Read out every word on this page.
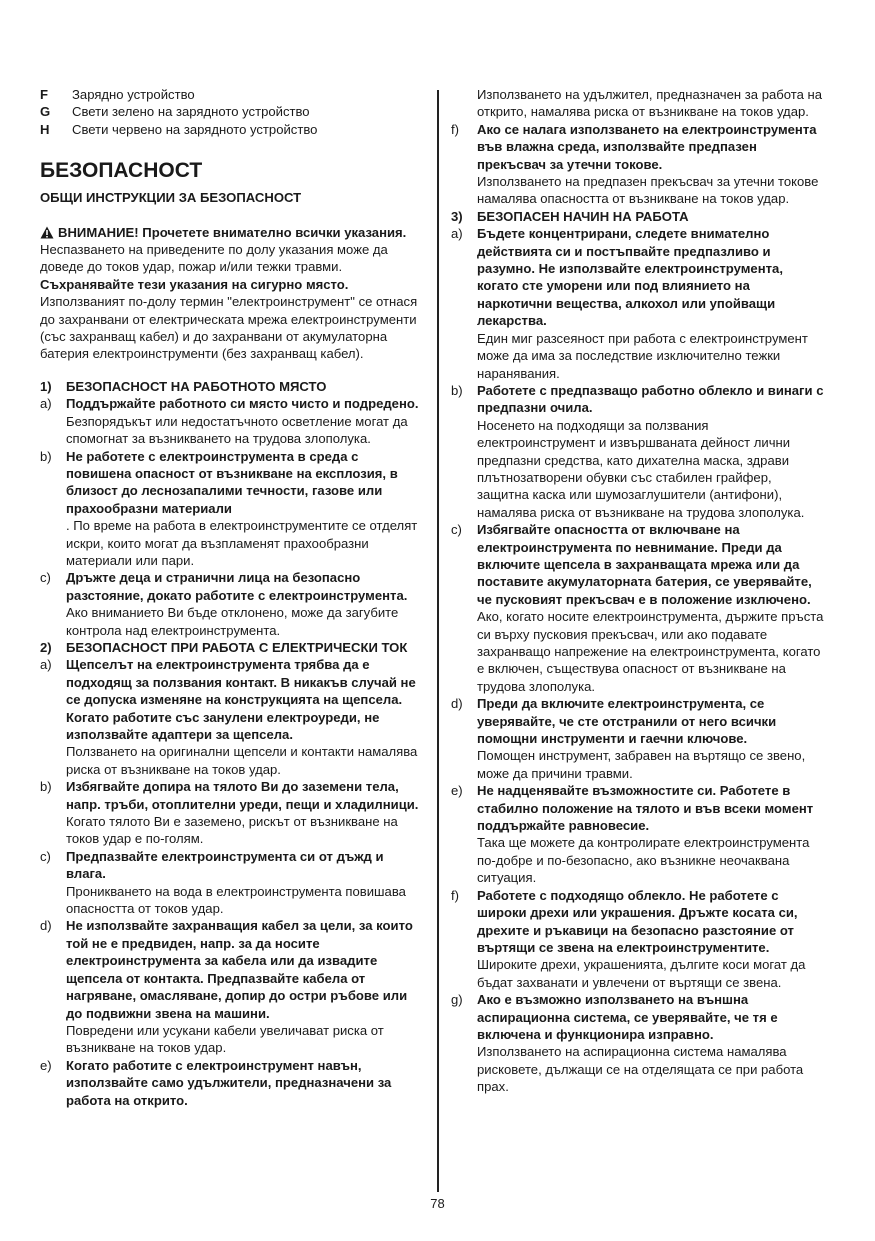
F	Зарядно устройство
G	Свети зелено на зарядното устройство
H	Свети червено на зарядното устройство
БЕЗОПАСНОСТ
ОБЩИ ИНСТРУКЦИИ ЗА БЕЗОПАСНОСТ
ВНИМАНИЕ! Прочетете внимателно всички указания. Неспазването на приведените по долу указания може да доведе до токов удар, пожар и/или тежки травми. Съхранявайте тези указания на сигурно място. Използваният по-долу термин "електроинструмент" се отнася до захранвани от електрическата мрежа електроинструменти (със захранващ кабел) и до захранвани от акумулаторна батерия електроинструменти (без захранващ кабел).
1)	БЕЗОПАСНОСТ НА РАБОТНОТО МЯСТО
a)	Поддържайте работното си място чисто и подредено.
Безпорядъкът или недостатъчното осветление могат да спомогнат за възникването на трудова злополука.
b)	Не работете с електроинструмента в среда с повишена опасност от възникване на експлозия, в близост до леснозапалими течности, газове или прахообразни материали
. По време на работа в електроинструментите се отделят искри, които могат да възпламенят прахообразни материали или пари.
c)	Дръжте деца и странични лица на безопасно разстояние, докато работите с електроинструмента.
Ако вниманието Ви бъде отклонено, може да загубите контрола над електроинструмента.
2)	БЕЗОПАСНОСТ ПРИ РАБОТА С ЕЛЕКТРИЧЕСКИ ТОК
a)	Щепселът на електроинструмента трябва да е подходящ за ползвания контакт. В никакъв случай не се допуска изменяне на конструкцията на щепсела. Когато работите със занулени електроуреди, не използвайте адаптери за щепсела.
Ползването на оригинални щепсели и контакти намалява риска от възникване на токов удар.
b)	Избягвайте допира на тялото Ви до заземени тела, напр. тръби, отоплителни уреди, пещи и хладилници.
Когато тялото Ви е заземено, рискът от възникване на токов удар е по-голям.
c)	Предпазвайте електроинструмента си от дъжд и влага.
Проникването на вода в електроинструмента повишава опасността от токов удар.
d)	Не използвайте захранващия кабел за цели, за които той не е предвиден, напр. за да носите електроинструмента за кабела или да извадите щепсела от контакта. Предпазвайте кабела от нагряване, омасляване, допир до остри ръбове или до подвижни звена на машини.
Повредени или усукани кабели увеличават риска от възникване на токов удар.
e)	Когато работите с електроинструмент навън, използвайте само удължители, предназначени за работа на открито.
Използването на удължител, предназначен за работа на открито, намалява риска от възникване на токов удар.
f)	Ако се налага използването на електроинструмента във влажна среда, използвайте предпазен прекъсвач за утечни токове.
Използването на предпазен прекъсвач за утечни токове намалява опасността от възникване на токов удар.
3)	БЕЗОПАСЕН НАЧИН НА РАБОТА
a)	Бъдете концентрирани, следете внимателно действията си и постъпвайте предпазливо и разумно. Не използвайте електроинструмента, когато сте уморени или под влиянието на наркотични вещества, алкохол или упойващи лекарства.
Един миг разсеяност при работа с електроинструмент може да има за последствие изключително тежки наранявания.
b)	Работете с предпазващо работно облекло и винаги с предпазни очила.
Носенето на подходящи за ползвания електроинструмент и извършваната дейност лични предпазни средства, като дихателна маска, здрави плътнозатворени обувки със стабилен грайфер, защитна каска или шумозаглушители (антифони), намалява риска от възникване на трудова злополука.
c)	Избягвайте опасността от включване на електроинструмента по невнимание. Преди да включите щепсела в захранващата мрежа или да поставите акумулаторната батерия, се уверявайте, че пусковият прекъсвач е в положение изключено.
Ако, когато носите електроинструмента, държите пръста си върху пусковия прекъсвач, или ако подавате захранващо напрежение на електроинструмента, когато е включен, съществува опасност от възникване на трудова злополука.
d)	Преди да включите електроинструмента, се уверявайте, че сте отстранили от него всички помощни инструменти и гаечни ключове.
Помощен инструмент, забравен на въртящо се звено, може да причини травми.
e)	Не надценявайте възможностите си. Работете в стабилно положение на тялото и във всеки момент поддържайте равновесие.
Така ще можете да контролирате електроинструмента по-добре и по-безопасно, ако възникне неочаквана ситуация.
f)	Работете с подходящо облекло. Не работете с широки дрехи или украшения. Дръжте косата си, дрехите и ръкавици на безопасно разстояние от въртящи се звена на електроинструментите.
Широките дрехи, украшенията, дългите коси могат да бъдат захванати и увлечени от въртящи се звена.
g)	Ако е възможно използването на външна аспирационна система, се уверявайте, че тя е включена и функционира изправно.
Използването на аспирационна система намалява рисковете, дължащи се на отделящата се при работа прах.
78
